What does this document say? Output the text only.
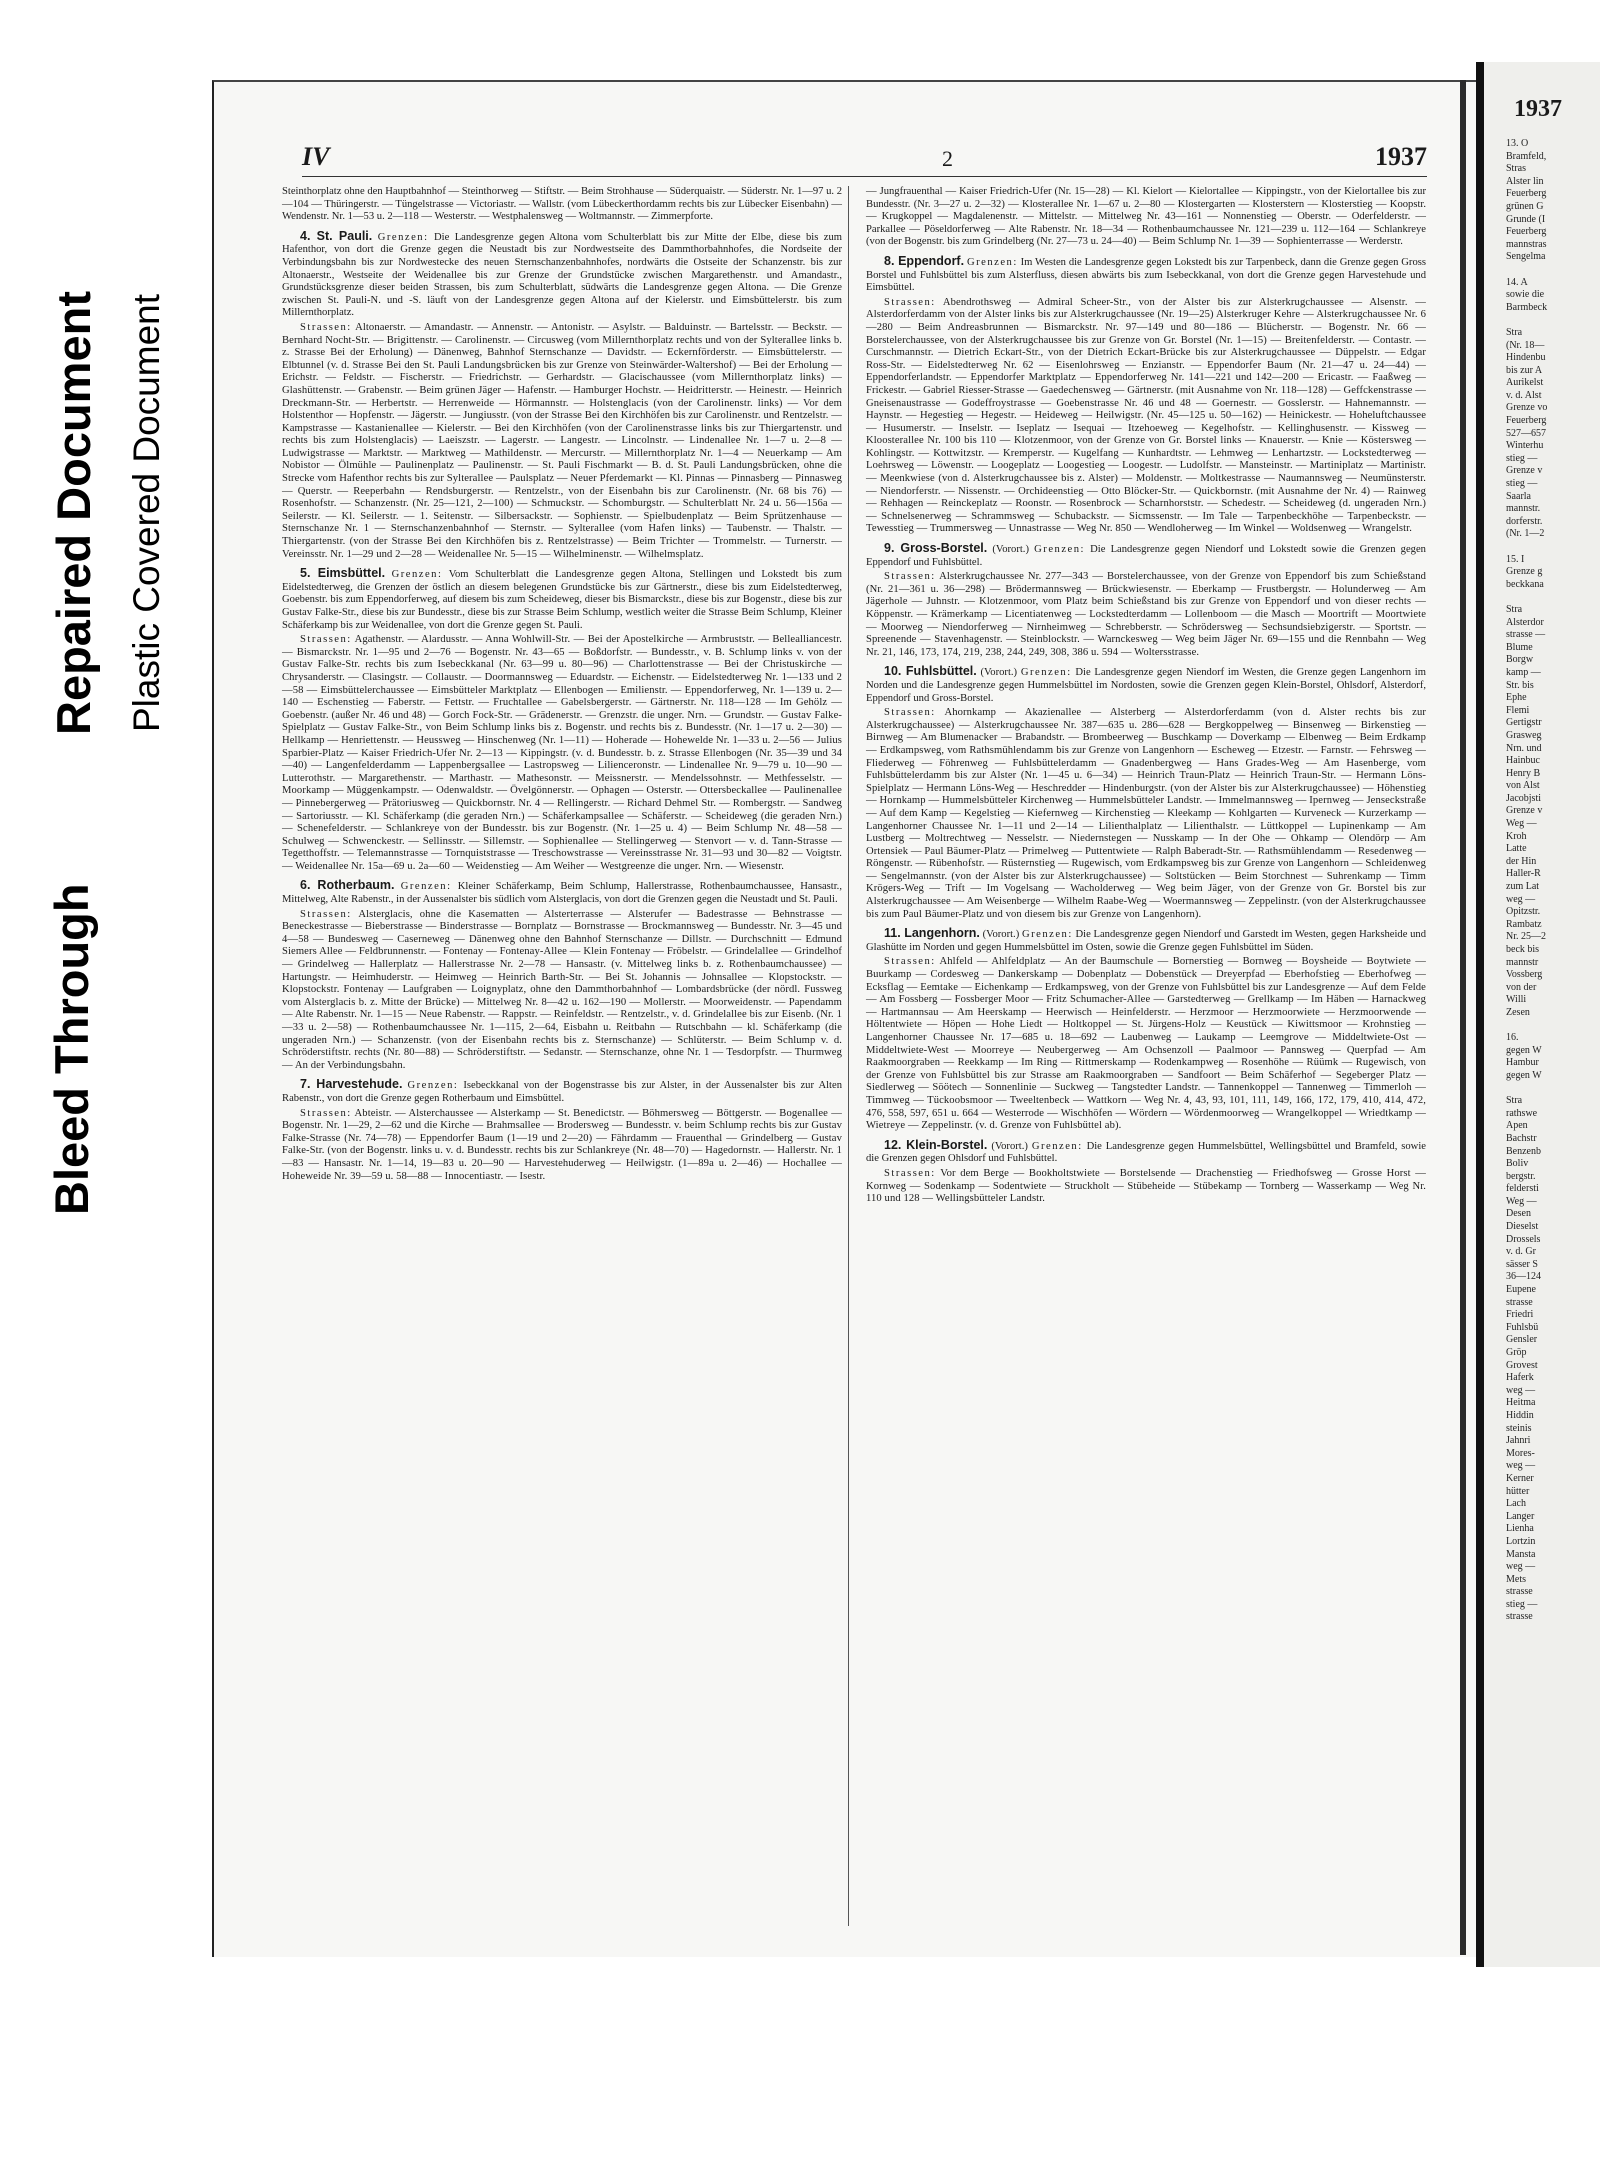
Bleed Through
Repaired Document Plastic Covered Document
IV	2	1937

Steinthorplatz ohne den Hauptbahnhof — Steinthorweg — Stiftstr. — Beim Strohhause — Süderquaistr. — Süderstr. Nr. 1—97 u. 2—104 — Thüringerstr. — Tüngelstrasse — Victoriastr. — Wallstr. (vom Lübeckerthordamm rechts bis zur Lübecker Eisenbahn) — Wendenstr. Nr. 1—53 u. 2—118 — Westerstr. — Westphalensweg — Woltmannstr. — Zimmerpforte.

4. St. Pauli. Grenzen: Die Landesgrenze gegen Altona vom Schulterblatt bis zur Mitte der Elbe, diese bis zum Hafenthor, von dort die Grenze gegen die Neustadt bis zur Nordwestseite des Dammthorbahnhofes, die Nordseite der Verbindungsbahn bis zur Nordwestecke des neuen Sternschanzenbahnhofes, nordwärts die Ostseite der Schanzenstr. bis zur Altonaerstr., Westseite der Weidenallee bis zur Grenze der Grundstücke zwischen Margarethenstr. und Amandastr., Grundstücksgrenze dieser beiden Strassen, bis zum Schulterblatt, südwärts die Landesgrenze gegen Altona. — Die Grenze zwischen St. Pauli-N. und -S. läuft von der Landesgrenze gegen Altona auf der Kielerstr. und Eimsbüttelerstr. bis zum Millernthorplatz.

Strassen: Altonaerstr. — Amandastr. — Annenstr. — Antonistr. — Asylstr. — Balduinstr. — Bartelsstr. — Beckstr. — Bernhard Nocht-Str. — Brigittenstr. — Carolinenstr. — Circusweg (vom Millernthorplatz rechts und von der Sylterallee links b. z. Strasse Bei der Erholung) — Dänenweg, Bahnhof Sternschanze — Davidstr. — Eckernförderstr. — Eimsbüttelerstr. — Elbtunnel (v. d. Strasse Bei den St. Pauli Landungsbrücken bis zur Grenze von Steinwärder-Waltershof) — Bei der Erholung — Erichstr. — Feldstr. — Fischerstr. — Friedrichstr. — Gerhardstr. — Glacischaussee (vom Millernthorplatz links) — Glashüttenstr. — Grabenstr. — Beim grünen Jäger — Hafenstr. — Hamburger Hochstr. — Heidritterstr. — Heinestr. — Heinrich Dreckmann-Str. — Herbertstr. — Herrenweide — Hörmannstr. — Holstenglacis (von der Carolinenstr. links) — Vor dem Holstenthor — Hopfenstr. — Jägerstr. — Jungiusstr. (von der Strasse Bei den Kirchhöfen bis zur Carolinenstr. und Rentzelstr. — Kampstrasse — Kastanienallee — Kielerstr. — Bei den Kirchhöfen (von der Carolinenstrasse links bis zur Thiergartenstr. und rechts bis zum Holstenglacis) — Laeiszstr. — Lagerstr. — Langestr. — Lincolnstr. — Lindenallee Nr. 1—7 u. 2—8 — Ludwigstrasse — Marktstr. — Marktweg — Mathildenstr. — Mercurstr. — Millernthorplatz Nr. 1—4 — Neuerkamp — Am Nobistor — Ölmühle — Paulinenplatz — Paulinenstr. — St. Pauli Fischmarkt — B. d. St. Pauli Landungsbrücken, ohne die Strecke vom Hafenthor rechts bis zur Sylterallee — Paulsplatz — Neuer Pferdemarkt — Kl. Pinnas — Pinnasberg — Pinnasweg — Querstr. — Reeperbahn — Rendsburgerstr. — Rentzelstr., von der Eisenbahn bis zur Carolinenstr. (Nr. 68 bis 76) — Rosenhofstr. — Schanzenstr. (Nr. 25—121, 2—100) — Schmuckstr. — Schomburgstr. — Schulterblatt Nr. 24 u. 56—156a — Seilerstr. — Kl. Seilerstr. — 1. Seitenstr. — Silbersackstr. — Sophienstr. — Spielbudenplatz — Beim Sprützenhause — Sternschanze Nr. 1 — Sternschanzenbahnhof — Sternstr. — Sylterallee (vom Hafen links) — Taubenstr. — Thalstr. — Thiergartenstr. (von der Strasse Bei den Kirchhöfen bis z. Rentzelstrasse) — Beim Trichter — Trommelstr. — Turnerstr. — Vereinsstr. Nr. 1—29 und 2—28 — Weidenallee Nr. 5—15 — Wilhelminenstr. — Wilhelmsplatz.

5. Eimsbüttel. Grenzen: Vom Schulterblatt die Landesgrenze gegen Altona, Stellingen und Lokstedt bis zum Eidelstedterweg, die Grenzen der östlich an diesem belegenen Grundstücke bis zur Gärtnerstr., diese bis zum Eidelstedterweg, Goebenstr. bis zum Eppendorferweg, auf diesem bis zum Scheideweg, dieser bis Bismarckstr., diese bis zur Bogenstr., diese bis zur Gustav Falke-Str., diese bis zur Bundesstr., diese bis zur Strasse Beim Schlump, westlich weiter die Strasse Beim Schlump, Kleiner Schäferkamp bis zur Weidenallee, von dort die Grenze gegen St. Pauli.

Strassen: Agathenstr. — Alardusstr. — Anna Wohlwill-Str. — Bei der Apostelkirche — Armbruststr. — Bellealliancestr. — Bismarckstr. Nr. 1—95 und 2—76 — Bogenstr. Nr. 43—65 — Boßdorfstr. — Bundesstr., v. B. Schlump links v. von der Gustav Falke-Str. rechts bis zum Isebeckkanal (Nr. 63—99 u. 80—96) — Charlottenstrasse — Bei der Christuskirche — Chrysanderstr. — Clasingstr. — Collaustr. — Doormannsweg — Eduardstr. — Eichenstr. — Eidelstedterweg Nr. 1—133 und 2—58 — Eimsbüttelerchaussee — Eimsbütteler Marktplatz — Ellenbogen — Emilienstr. — Eppendorferweg, Nr. 1—139 u. 2—140 — Eschenstieg — Faberstr. — Fettstr. — Fruchtallee — Gabelsbergerstr. — Gärtnerstr. Nr. 118—128 — Im Gehölz — Goebenstr. (außer Nr. 46 und 48) — Gorch Fock-Str. — Grädenerstr. — Grenzstr. die unger. Nrn. — Grundstr. — Gustav Falke-Spielplatz — Gustav Falke-Str., von Beim Schlump links bis z. Bogenstr. und rechts bis z. Bundesstr. (Nr. 1—17 u. 2—30) — Hellkamp — Henriettenstr. — Heussweg — Hinschenweg (Nr. 1—11) — Hoherade — Hohewelde Nr. 1—33 u. 2—56 — Julius Sparbier-Platz — Kaiser Friedrich-Ufer Nr. 2—13 — Kippingstr. (v. d. Bundesstr. b. z. Strasse Ellenbogen (Nr. 35—39 und 34—40) — Langenfelderdamm — Lappenbergsallee — Lastropsweg — Lilienceronstr. — Lindenallee Nr. 9—79 u. 10—90 — Lutterothstr. — Margarethenstr. — Marthastr. — Mathesonstr. — Meissnerstr. — Mendelssohnstr. — Methfesselstr. — Moorkamp — Müggenkampstr. — Odenwaldstr. — Övelgönnerstr. — Ophagen — Osterstr. — Ottersbeckallee — Paulinenallee — Pinnebergerweg — Prätoriusweg — Quickbornstr. Nr. 4 — Rellingerstr. — Richard Dehmel Str. — Rombergstr. — Sandweg — Sartoriusstr. — Kl. Schäferkamp (die geraden Nrn.) — Schäferkampsallee — Schäferstr. — Scheideweg (die geraden Nrn.) — Schenefelderstr. — Schlankreye von der Bundesstr. bis zur Bogenstr. (Nr. 1—25 u. 4) — Beim Schlump Nr. 48—58 — Schulweg — Schwenckestr. — Sellinsstr. — Sillemstr. — Sophienallee — Stellingerweg — Stenvort — v. d. Tann-Strasse — Tegetthoffstr. — Telemannstrasse — Tornquiststrasse — Treschowstrasse — Vereinsstrasse Nr. 31—93 und 30—82 — Voigtstr. — Weidenallee Nr. 15a—69 u. 2a—60 — Weidenstieg — Am Weiher — Westgreenze die unger. Nrn. — Wiesenstr.

6. Rotherbaum. Grenzen: Kleiner Schäferkamp, Beim Schlump, Hallerstrasse, Rothenbaumchaussee, Hansastr., Mittelweg, Alte Rabenstr., in der Aussenalster bis südlich vom Alsterglacis, von dort die Grenzen gegen die Neustadt und St. Pauli.

Strassen: Alsterglacis, ohne die Kasematten — Alsterterrasse — Alsterufer — Badestrasse — Behnstrasse — Beneckestrasse — Bieberstrasse — Binderstrasse — Bornplatz — Bornstrasse — Brockmannsweg — Bundesstr. Nr. 3—45 und 4—58 — Bundesweg — Caserneweg — Dänenweg ohne den Bahnhof Sternschanze — Dillstr. — Durchschnitt — Edmund Siemers Allee — Feldbrunnenstr. — Fontenay — Fontenay-Allee — Klein Fontenay — Fröbelstr. — Grindelallee — Grindelhof — Grindelweg — Hallerplatz — Hallerstrasse Nr. 2—78 — Hansastr. (v. Mittelweg links b. z. Rothenbaumchaussee) — Hartungstr. — Heimhuderstr. — Heimweg — Heinrich Barth-Str. — Bei St. Johannis — Johnsallee — Klopstockstr. — Klopstockstr. Fontenay — Laufgraben — Loignyplatz, ohne den Dammthorbahnhof — Lombardsbrücke (der nördl. Fussweg vom Alsterglacis b. z. Mitte der Brücke) — Mittelweg Nr. 8—42 u. 162—190 — Mollerstr. — Moorweidenstr. — Papendamm — Alte Rabenstr. Nr. 1—15 — Neue Rabenstr. — Rappstr. — Reinfeldstr. — Rentzelstr., v. d. Grindelallee bis zur Eisenb. (Nr. 1—33 u. 2—58) — Rothenbaumchaussee Nr. 1—115, 2—64, Eisbahn u. Reitbahn — Rutschbahn — kl. Schäferkamp (die ungeraden Nrn.) — Schanzenstr. (von der Eisenbahn rechts bis z. Sternschanze) — Schlüterstr. — Beim Schlump v. d. Schröderstiftstr. rechts (Nr. 80—88) — Schröderstiftstr. — Sedanstr. — Sternschanze, ohne Nr. 1 — Tesdorpfstr. — Thurmweg — An der Verbindungsbahn.

7. Harvestehude. Grenzen: Isebeckkanal von der Bogenstrasse bis zur Alster, in der Aussenalster bis zur Alten Rabenstr., von dort die Grenze gegen Rotherbaum und Eimsbüttel.

Strassen: Abteistr. — Alsterchaussee — Alsterkamp — St. Benedictstr. — Böhmersweg — Böttgerstr. — Bogenallee — Bogenstr. Nr. 1—29, 2—62 und die Kirche — Brahmsallee — Brodersweg — Bundesstr. v. beim Schlump rechts bis zur Gustav Falke-Strasse (Nr. 74—78) — Eppendorfer Baum (1—19 und 2—20) — Fährdamm — Frauenthal — Grindelberg — Gustav Falke-Str. (von der Bogenstr. links u. v. d. Bundesstr. rechts bis zur Schlankreye (Nr. 48—70) — Hagedornstr. — Hallerstr. Nr. 1—83 — Hansastr. Nr. 1—14, 19—83 u. 20—90 — Harvestehuderweg — Heilwigstr. (1—89a u. 2—46) — Hochallee — Hoheweide Nr. 39—59 u. 58—88 — Innocentiastr. — Isestr.

— Jungfrauenthal — Kaiser Friedrich-Ufer (Nr. 15—28) — Kl. Kielort — Kielortallee — Kippingstr., von der Kielortallee bis zur Bundesstr. (Nr. 3—27 u. 2—32) — Klosterallee Nr. 1—67 u. 2—80 — Klostergarten — Klosterstern — Klosterstieg — Koopstr. — Krugkoppel — Magdalenenstr. — Mittelstr. — Mittelweg Nr. 43—161 — Nonnenstieg — Oberstr. — Oderfelderstr. — Parkallee — Pöseldorferweg — Alte Rabenstr. Nr. 18—34 — Rothenbaumchaussee Nr. 121—239 u. 112—164 — Schlankreye (von der Bogenstr. bis zum Grindelberg (Nr. 27—73 u. 24—40) — Beim Schlump Nr. 1—39 — Sophienterrasse — Werderstr.

8. Eppendorf. Grenzen: Im Westen die Landesgrenze gegen Lokstedt bis zur Tarpenbeck, dann die Grenze gegen Gross Borstel und Fuhlsbüttel bis zum Alsterfluss, diesen abwärts bis zum Isebeckkanal, von dort die Grenze gegen Harvestehude und Eimsbüttel.

Strassen: Abendrothsweg — Admiral Scheer-Str., von der Alster bis zur Alsterkrugchaussee — Alsenstr. — Alsterdorferdamm von der Alster links bis zur Alsterkrugchaussee (Nr. 19—25) Alsterkruger Kehre — Alsterkrugchaussee Nr. 6—280 — Beim Andreasbrunnen — Bismarckstr. Nr. 97—149 und 80—186 — Blücherstr. — Bogenstr. Nr. 66 — Borstelerchaussee, von der Alsterkrugchaussee bis zur Grenze von Gr. Borstel (Nr. 1—15) — Breitenfelderstr. — Contastr. — Curschmannstr. — Dietrich Eckart-Str., von der Dietrich Eckart-Brücke bis zur Alsterkrugchaussee — Düppelstr. — Edgar Ross-Str. — Eidelstedterweg Nr. 62 — Eisenlohrsweg — Enzianstr. — Eppendorfer Baum (Nr. 21—47 u. 24—44) — Eppendorferlandstr. — Eppendorfer Marktplatz — Eppendorferweg Nr. 141—221 und 142—200 — Ericastr. — Faaßweg — Frickestr. — Gabriel Riesser-Strasse — Gaedechensweg — Gärtnerstr. (mit Ausnahme von Nr. 118—128) — Geffckenstrasse — Gneisenaustrasse — Godeffroystrasse — Goebenstrasse Nr. 46 und 48 — Goernestr. — Gosslerstr. — Hahnemannstr. — Haynstr. — Hegestieg — Hegestr. — Heideweg — Heilwigstr. (Nr. 45—125 u. 50—162) — Heinickestr. — Hoheluftchaussee — Husumerstr. — Inselstr. — Iseplatz — Isequai — Itzehoeweg — Kegelhofstr. — Kellinghusenstr. — Kissweg — Kloosterallee Nr. 100 bis 110 — Klotzenmoor, von der Grenze von Gr. Borstel links — Knauerstr. — Knie — Köstersweg — Kohlingstr. — Kottwitzstr. — Kremperstr. — Kugelfang — Kunhardtstr. — Lehmweg — Lenhartzstr. — Lockstedterweg — Loehrsweg — Löwenstr. — Loogeplatz — Loogestieg — Loogestr. — Ludolfstr. — Mansteinstr. — Martiniplatz — Martinistr. — Meenkwiese (von d. Alsterkrugchaussee bis z. Alster) — Moldenstr. — Moltkestrasse — Naumannsweg — Neumünsterstr. — Niendorferstr. — Nissenstr. — Orchideenstieg — Otto Blöcker-Str. — Quickbornstr. (mit Ausnahme der Nr. 4) — Rainweg — Rehhagen — Reinckeplatz — Roonstr. — Rosenbrock — Scharnhorststr. — Schedestr. — Scheideweg (d. ungeraden Nrn.) — Schnelsenerweg — Schrammsweg — Schubackstr. — Sicmssenstr. — Im Tale — Tarpenbeckhöhe — Tarpenbeckstr. — Tewesstieg — Trummersweg — Unnastrasse — Weg Nr. 850 — Wendloherweg — Im Winkel — Woldsenweg — Wrangelstr.

9. Gross-Borstel. (Vorort.) Grenzen: Die Landesgrenze gegen Niendorf und Lokstedt sowie die Grenzen gegen Eppendorf und Fuhlsbüttel.

Strassen: Alsterkrugchaussee Nr. 277—343 — Borstelerchaussee, von der Grenze von Eppendorf bis zum Schießstand (Nr. 21—361 u. 36—298) — Brödermannsweg — Brückwiesenstr. — Eberkamp — Frustbergstr. — Holunderweg — Am Jägerhole — Juhnstr. — Klotzenmoor, vom Platz beim Schießstand bis zur Grenze von Eppendorf und von dieser rechts — Köppenstr. — Krämerkamp — Licentiatenweg — Lockstedterdamm — Lollenboom — die Masch — Moortrift — Moortwiete — Moorweg — Niendorferweg — Nirnheimweg — Schrebberstr. — Schrödersweg — Sechsundsiebzigerstr. — Sportstr. — Spreenende — Stavenhagenstr. — Steinblockstr. — Warnckesweg — Weg beim Jäger Nr. 69—155 und die Rennbahn — Weg Nr. 21, 146, 173, 174, 219, 238, 244, 249, 308, 386 u. 594 — Woltersstrasse.

10. Fuhlsbüttel. (Vorort.) Grenzen: Die Landesgrenze gegen Niendorf im Westen, die Grenze gegen Langenhorn im Norden und die Landesgrenze gegen Hummelsbüttel im Nordosten, sowie die Grenzen gegen Klein-Borstel, Ohlsdorf, Alsterdorf, Eppendorf und Gross-Borstel.

Strassen: Ahornkamp — Akazienallee — Alsterberg — Alsterdorferdamm (von d. Alster rechts bis zur Alsterkrugchaussee) — Alsterkrugchaussee Nr. 387—635 u. 286—628 — Bergkoppelweg — Binsenweg — Birkenstieg — Birnweg — Am Blumenacker — Brabandstr. — Brombeerweg — Buschkamp — Doverkamp — Elbenweg — Beim Erdkamp — Erdkampsweg, vom Rathsmühlendamm bis zur Grenze von Langenhorn — Escheweg — Etzestr. — Farnstr. — Fehrsweg — Fliederweg — Föhrenweg — Fuhlsbüttelerdamm — Gnadenbergweg — Hans Grades-Weg — Am Hasenberge, vom Fuhlsbüttelerdamm bis zur Alster (Nr. 1—45 u. 6—34) — Heinrich Traun-Platz — Heinrich Traun-Str. — Hermann Löns-Spielplatz — Hermann Löns-Weg — Heschredder — Hindenburgstr. (von der Alster bis zur Alsterkrugchaussee) — Höhenstieg — Hornkamp — Hummelsbütteler Kirchenweg — Hummelsbütteler Landstr. — Immelmannsweg — Ipernweg — Jenseckstraße — Auf dem Kamp — Kegelstieg — Kiefernweg — Kirchenstieg — Kleekamp — Kohlgarten — Kurveneck — Kurzerkamp — Langenhorner Chaussee Nr. 1—11 und 2—14 — Lilienthalplatz — Lilienthalstr. — Lüttkoppel — Lupinenkamp — Am Lustberg — Moltrechtweg — Nesselstr. — Niedernstegen — Nusskamp — In der Ohe — Ohkamp — Olendörp — Am Ortensiek — Paul Bäumer-Platz — Primelweg — Puttentwiete — Ralph Baberadt-Str. — Rathsmühlendamm — Resedenweg — Röngenstr. — Rübenhofstr. — Rüsternstieg — Rugewisch, vom Erdkampsweg bis zur Grenze von Langenhorn — Schleidenweg — Sengelmannstr. (von der Alster bis zur Alsterkrugchaussee) — Soltstücken — Beim Storchnest — Suhrenkamp — Timm Krögers-Weg — Trift — Im Vogelsang — Wacholderweg — Weg beim Jäger, von der Grenze von Gr. Borstel bis zur Alsterkrugchaussee — Am Weisenberge — Wilhelm Raabe-Weg — Woermannsweg — Zeppelinstr. (von der Alsterkrugchaussee bis zum Paul Bäumer-Platz und von diesem bis zur Grenze von Langenhorn).

11. Langenhorn. (Vorort.) Grenzen: Die Landesgrenze gegen Niendorf und Garstedt im Westen, gegen Harksheide und Glashütte im Norden und gegen Hummelsbüttel im Osten, sowie die Grenze gegen Fuhlsbüttel im Süden.

Strassen: Ahlfeld — Ahlfeldplatz — An der Baumschule — Bornerstieg — Bornweg — Boysheide — Boytwiete — Buurkamp — Cordesweg — Dankerskamp — Dobenplatz — Dobenstück — Dreyerpfad — Eberhofstieg — Eberhofweg — Ecksflag — Eemtake — Eichenkamp — Erdkampsweg, von der Grenze von Fuhlsbüttel bis zur Landesgrenze — Auf dem Felde — Am Fossberg — Fossberger Moor — Fritz Schumacher-Allee — Garstedterweg — Grellkamp — Im Häben — Harnackweg — Hartmannsau — Am Heerskamp — Heerwisch — Heinfelderstr. — Herzmoor — Herzmoorwiete — Herzmoorwende — Höltentwiete — Höpen — Hohe Liedt — Holtkoppel — St. Jürgens-Holz — Keustück — Kiwittsmoor — Krohnstieg — Langenhorner Chaussee Nr. 17—685 u. 18—692 — Laubenweg — Laukamp — Leemgrove — Middeltwiete-Ost — Middeltwiete-West — Moorreye — Neubergerweg — Am Ochsenzoll — Paalmoor — Pannsweg — Querpfad — Am Raakmoorgraben — Reekkamp — Im Ring — Rittmerskamp — Rodenkampweg — Rosenhöhe — Rüümk — Rugewisch, von der Grenze von Fuhlsbüttel bis zur Strasse am Raakmoorgraben — Sandfoort — Beim Schäferhof — Segeberger Platz — Siedlerweg — Söötech — Sonnenlinie — Suckweg — Tangstedter Landstr. — Tannenkoppel — Tannenweg — Timmerloh — Timmweg — Tückoobsmoor — Tweeltenbeck — Wattkorn — Weg Nr. 4, 43, 93, 101, 111, 149, 166, 172, 179, 410, 414, 472, 476, 558, 597, 651 u. 664 — Westerrode — Wischhöfen — Wördern — Wördenmoorweg — Wrangelkoppel — Wriedtkamp — Wietreye — Zeppelinstr. (v. d. Grenze von Fuhlsbüttel ab).

12. Klein-Borstel. (Vorort.) Grenzen: Die Landesgrenze gegen Hummelsbüttel, Wellingsbüttel und Bramfeld, sowie die Grenzen gegen Ohlsdorf und Fuhlsbüttel.

Strassen: Vor dem Berge — Bookholtstwiete — Borstelsende — Drachenstieg — Friedhofsweg — Grosse Horst — Kornweg — Sodenkamp — Sodentwiete — Struckholt — Stübeheide — Stübekamp — Tornberg — Wasserkamp — Weg Nr. 110 und 128 — Wellingsbütteler Landstr.

1937
13. O
Bramfeld,
Stras
Alster lin
Feuerberg
grünen G
Grunde (I
Feuerberg
mannstras
Sengelma

14. A
sowie die
Barmbeck

Stra
(Nr. 18—
Hindenbu
bis zur A
Aurikelst
v. d. Alst
Grenze vo
Feuerberg
527—657
Winterhu
stieg —
Grenze v
stieg —
Saarla
mannstr.
dorferstr.
(Nr. 1—2

15. I
Grenze g
beckkana

Stra
Alsterdor
strasse —
Blume
Borgw
kamp —
Str. bis
Ephe
Flemi
Gertigstr
Grasweg
Nrn. und
Hainbuc
Henry B
von Alst
Jacobjsti
Grenze v
Weg —
Kroh
Latte
der Hin
Haller-R
zum Lat
weg —
Opitzstr.
Rambatz
Nr. 25—2
beck bis
mannstr
Vossberg
von der
Willi
Zesen

16.
gegen W
Hambur
gegen W

Stra
rathswe
Apen
Bachstr
Benzenb
Boliv
bergstr.
feldersti
Weg —
Desen
Dieselst
Drossels
v. d. Gr
sässer S
36—124
Eupene
strasse
Friedri
Fuhlsbü
Gensler
Gröp
Grovest
Haferk
weg —
Heitma
Hiddin
steinis
Jahnri
Mores-
weg —
Kerner
hütter
Lach
Langer
Lienha
Lortzin
Mansta
weg —
Mets
strasse
stieg —
strasse
